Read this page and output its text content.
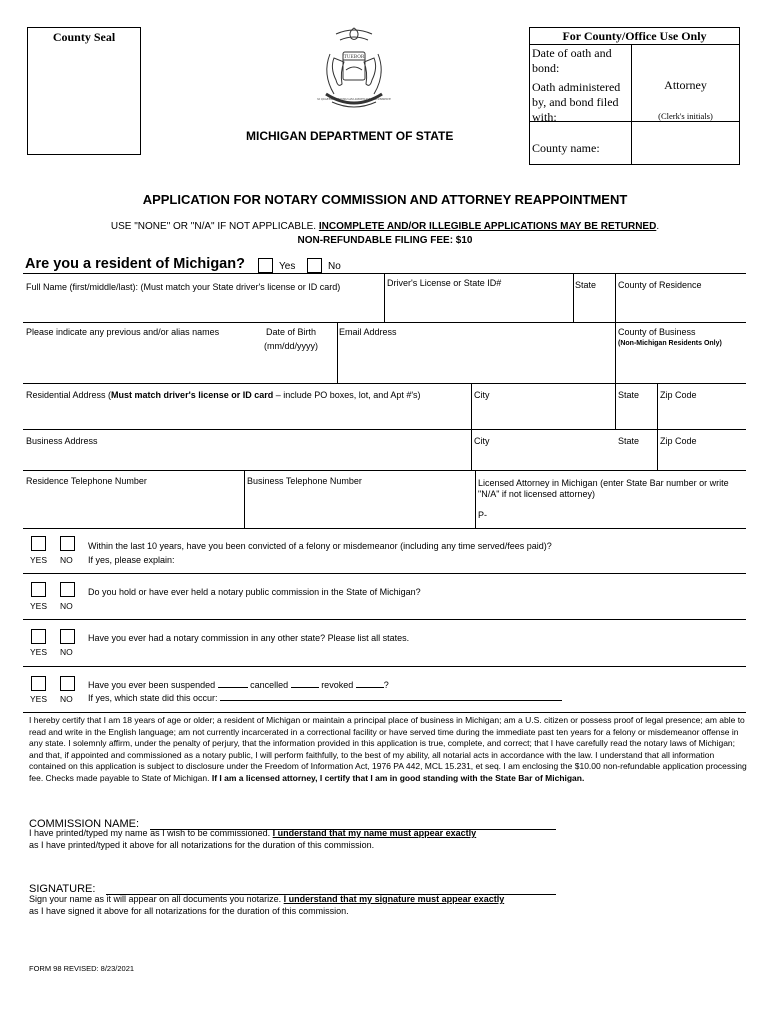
County Seal
TUEBOR
SI QUAERIS PENINSULAM AMOENAM CIRCUMSPICE
MICHIGAN DEPARTMENT OF STATE
For County/Office Use Only
Date of oath and bond:
Oath administered by, and bond filed with:
Attorney
(Clerk's initials)
County name:
APPLICATION FOR NOTARY COMMISSION AND ATTORNEY REAPPOINTMENT
USE "NONE" OR "N/A" IF NOT APPLICABLE. INCOMPLETE AND/OR ILLEGIBLE APPLICATIONS MAY BE RETURNED.
NON-REFUNDABLE FILING FEE: $10
Are you a resident of Michigan?	Yes	No
Full Name (first/middle/last): (Must match your State driver's license or ID card)	Driver's License or State ID#	State County of Residence
Please indicate any previous and/or alias names	Date of Birth
(mm/dd/yyyy)
Email Address	County of Business
(Non-Michigan Residents Only)
Residential Address (Must match driver's license or ID card – include PO boxes, lot, and Apt #'s)	City	State Zip Code
Business Address	City	State Zip Code
Residence Telephone Number	Business Telephone Number	Licensed Attorney in Michigan (enter State Bar number or write "N/A" if not licensed attorney)
P-
YES NO
Within the last 10 years, have you been convicted of a felony or misdemeanor (including any time served/fees paid)?
If yes, please explain:
YES NO
Do you hold or have ever held a notary public commission in the State of Michigan?
YES NO
Have you ever had a notary commission in any other state? Please list all states.
YES NO
Have you ever been suspended	cancelled	revoked	?
If yes, which state did this occur:
I hereby certify that I am 18 years of age or older; a resident of Michigan or maintain a principal place of business in Michigan; am a U.S. citizen or possess proof of legal presence; am able to read and write in the English language; am not currently incarcerated in a correctional facility or have served time during the immediate past ten years for a felony or misdemeanor offense in any state. I solemnly affirm, under the penalty of perjury, that the information provided in this application is true, complete, and correct; that I have carefully read the notary laws of Michigan; and that, if appointed and commissioned as a notary public, I will perform faithfully, to the best of my ability, all notarial acts in accordance with the law. I understand that all information contained on this application is subject to disclosure under the Freedom of Information Act, 1976 PA 442, MCL 15.231, et seq. I am enclosing the $10.00 non-refundable application processing fee. Checks made payable to State of Michigan. If I am a licensed attorney, I certify that I am in good standing with the State Bar of Michigan.
COMMISSION NAME:
I have printed/typed my name as I wish to be commissioned. I understand that my name must appear exactly
as I have printed/typed it above for all notarizations for the duration of this commission.
SIGNATURE:
Sign your name as it will appear on all documents you notarize. I understand that my signature must appear exactly
as I have signed it above for all notarizations for the duration of this commission.
FORM 98 REVISED: 8/23/2021
